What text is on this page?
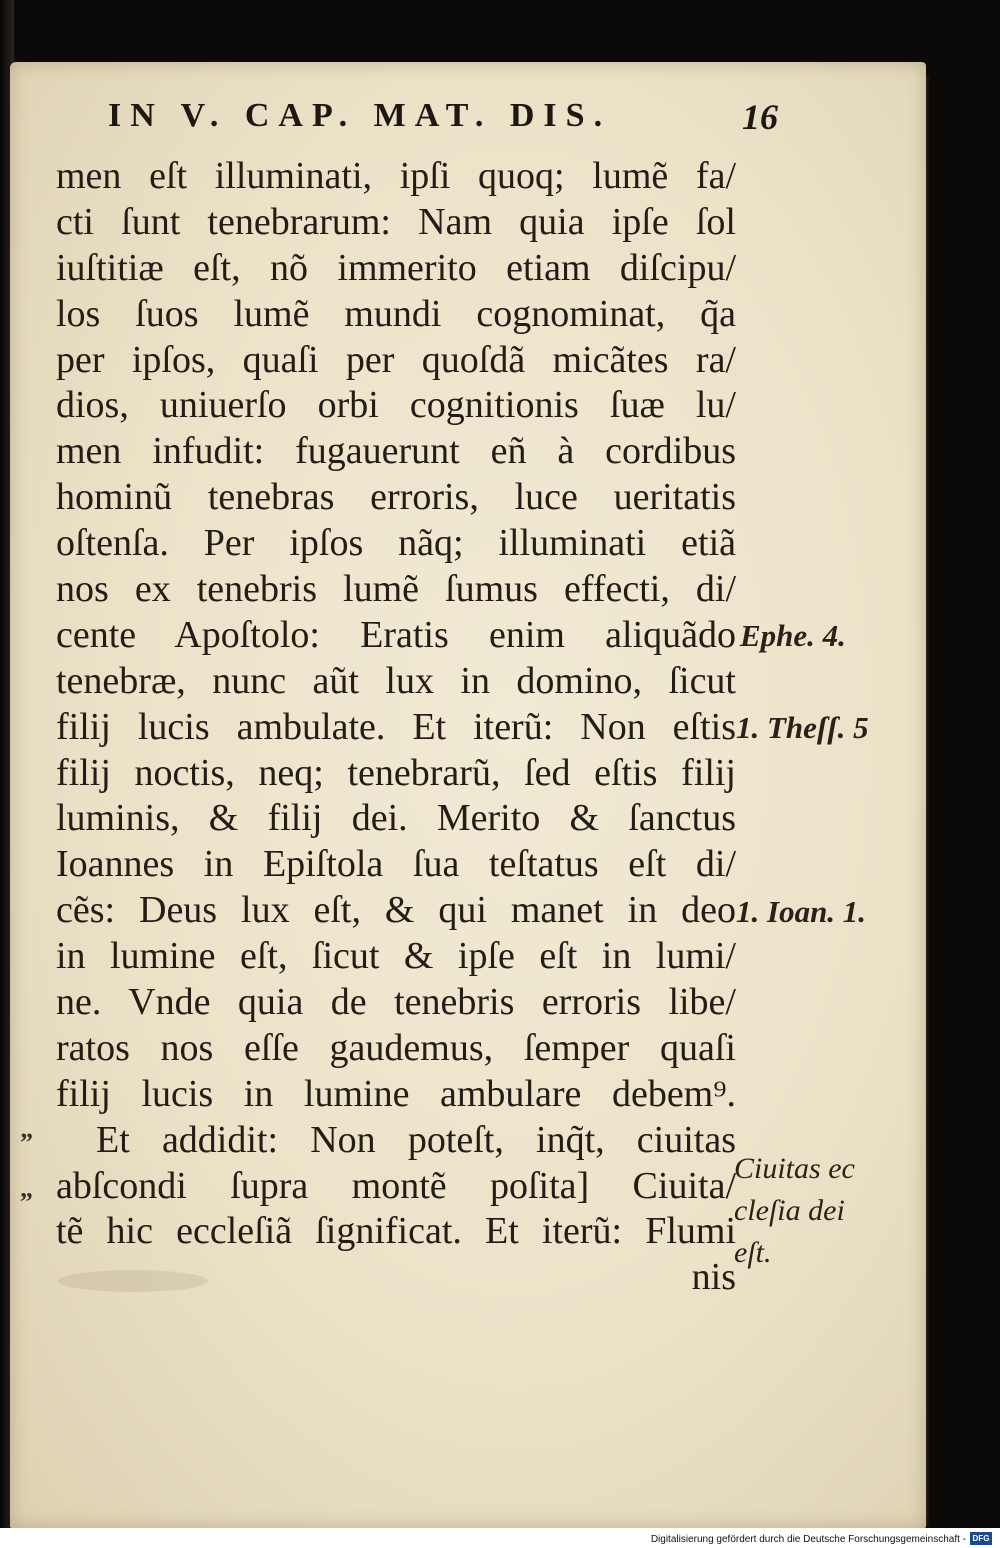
IN V. CAP. MAT. DIS.	16
men eſt illuminati, ipſi quoq; lumẽ fa/
cti ſunt tenebrarum: Nam quia ipſe ſol
iuſtitiæ eſt, nõ immerito etiam diſcipu/
los ſuos lumẽ mundi cognominat, q̃a
per ipſos, quaſi per quoſdã micãtes ra/
dios, uniuerſo orbi cognitionis ſuæ lu/
men infudit: fugauerunt eñ à cordibus
hominũ tenebras erroris, luce ueritatis
oſtenſa. Per ipſos nãq; illuminati etiã
nos ex tenebris lumẽ ſumus effecti, di/
cente Apoſtolo: Eratis enim aliquãdo
tenebræ, nunc aũt lux in domino, ſicut
filij lucis ambulate. Et iterũ: Non eſtis
filij noctis, neq; tenebrarũ, ſed eſtis filij
luminis, & filij dei. Merito & ſanctus
Ioannes in Epiſtola ſua teſtatus eſt di/
cẽs: Deus lux eſt, & qui manet in deo
in lumine eſt, ſicut & ipſe eſt in lumi/
ne. Vnde quia de tenebris erroris libe/
ratos nos eſſe gaudemus, ſemper quaſi
filij lucis in lumine ambulare debem⁹.
Et addidit: Non poteſt, inq̃t, ciuitas
abſcondi ſupra montẽ poſita] Ciuita/
tẽ hic eccleſiã ſignificat. Et iterũ: Flumi
nis
”
„
Ephe. 4.
1. Theſſ. 5
1. Ioan. 1.
Ciuitas ec
cleſia dei
eſt.
Digitalisierung gefördert durch die Deutsche Forschungsgemeinschaft - DFG
